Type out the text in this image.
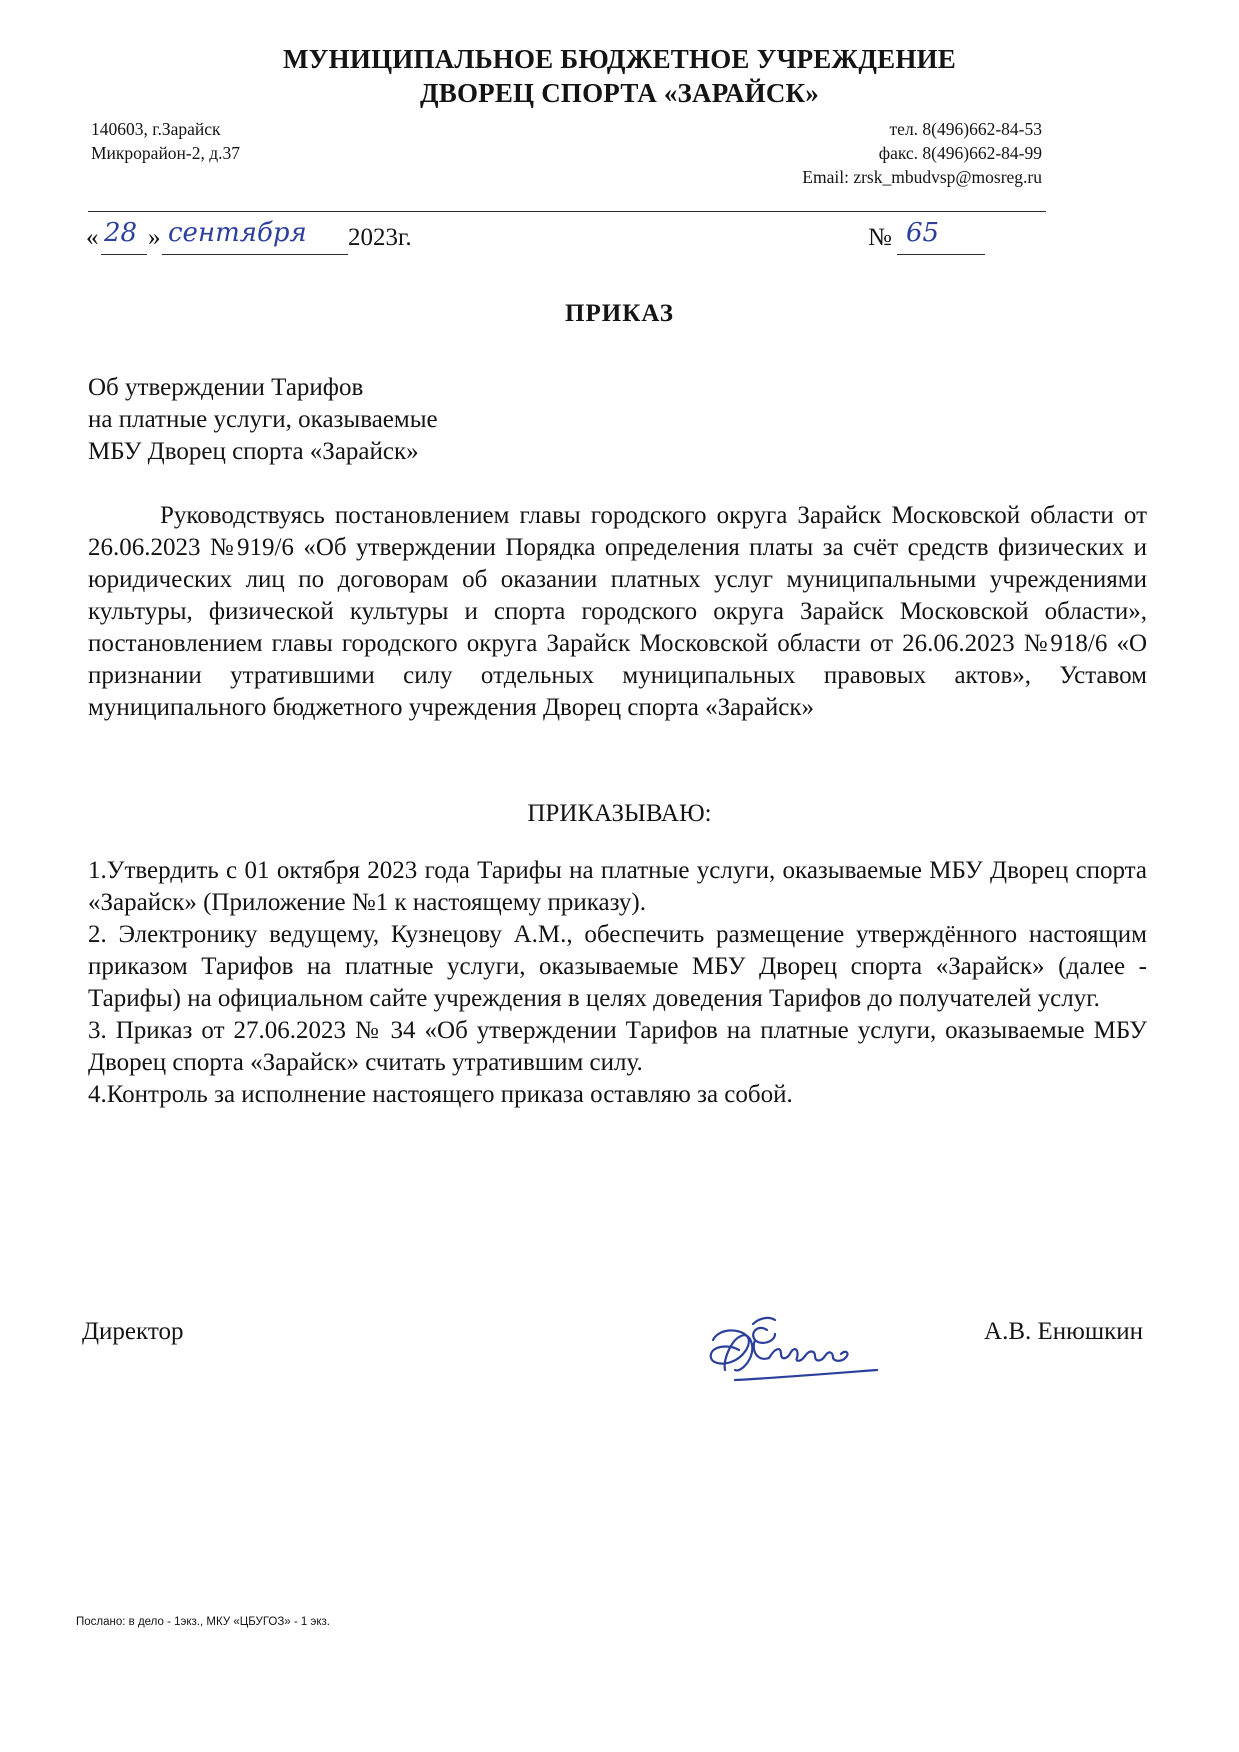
МУНИЦИПАЛЬНОЕ БЮДЖЕТНОЕ УЧРЕЖДЕНИЕ
ДВОРЕЦ СПОРТА «ЗАРАЙСК»
140603, г.Зарайск
Микрорайон-2, д.37
тел. 8(496)662-84-53
факс. 8(496)662-84-99
Email: zrsk_mbudvsp@mosreg.ru
« 28 » сентября 2023г.	№ 65
ПРИКАЗ
Об утверждении Тарифов
на платные услуги, оказываемые
МБУ Дворец спорта «Зарайск»
Руководствуясь постановлением главы городского округа Зарайск Московской области от 26.06.2023 №919/6 «Об утверждении Порядка определения платы за счёт средств физических и юридических лиц по договорам об оказании платных услуг муниципальными учреждениями культуры, физической культуры и спорта городского округа Зарайск Московской области», постановлением главы городского округа Зарайск Московской области от 26.06.2023 №918/6 «О признании утратившими силу отдельных муниципальных правовых актов», Уставом муниципального бюджетного учреждения Дворец спорта «Зарайск»
ПРИКАЗЫВАЮ:
1.Утвердить с 01 октября 2023 года Тарифы на платные услуги, оказываемые МБУ Дворец спорта «Зарайск» (Приложение №1 к настоящему приказу).
2. Электронику ведущему, Кузнецову А.М., обеспечить размещение утверждённого настоящим приказом Тарифов на платные услуги, оказываемые МБУ Дворец спорта «Зарайск» (далее - Тарифы) на официальном сайте учреждения в целях доведения Тарифов до получателей услуг.
3. Приказ от 27.06.2023 № 34 «Об утверждении Тарифов на платные услуги, оказываемые МБУ Дворец спорта «Зарайск» считать утратившим силу.
4.Контроль за исполнение настоящего приказа оставляю за собой.
Директор	А.В. Енюшкин
Послано: в дело - 1экз., МКУ «ЦБУГОЗ» - 1 экз.
